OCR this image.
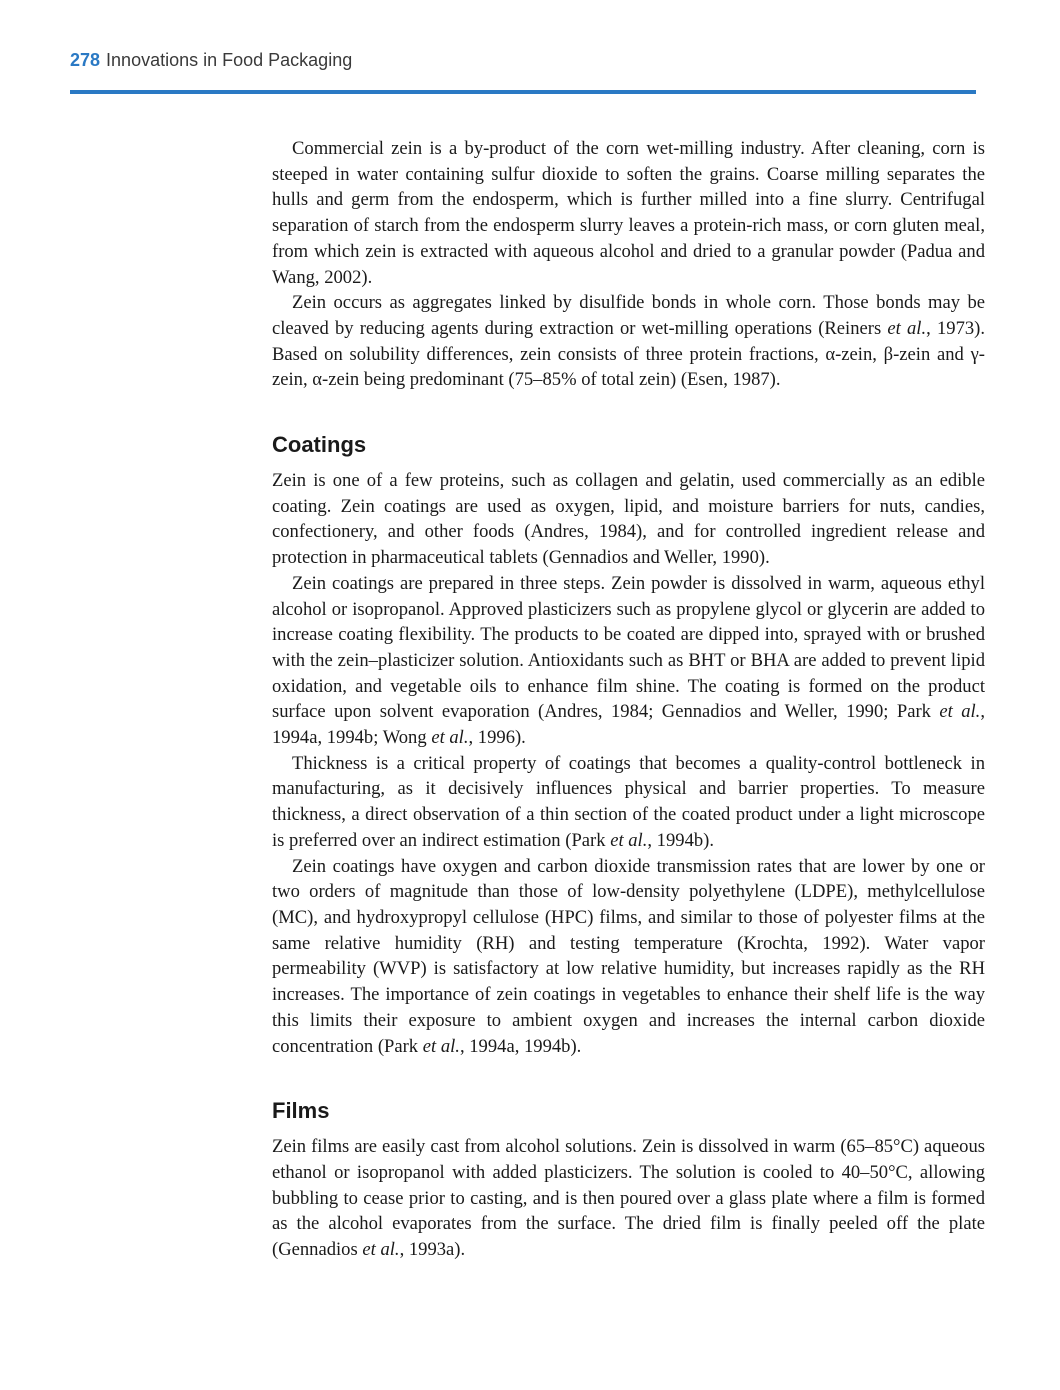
278 Innovations in Food Packaging

Commercial zein is a by-product of the corn wet-milling industry. After cleaning, corn is steeped in water containing sulfur dioxide to soften the grains. Coarse milling separates the hulls and germ from the endosperm, which is further milled into a fine slurry. Centrifugal separation of starch from the endosperm slurry leaves a protein-rich mass, or corn gluten meal, from which zein is extracted with aqueous alcohol and dried to a granular powder (Padua and Wang, 2002).

Zein occurs as aggregates linked by disulfide bonds in whole corn. Those bonds may be cleaved by reducing agents during extraction or wet-milling operations (Reiners et al., 1973). Based on solubility differences, zein consists of three protein fractions, α-zein, β-zein and γ-zein, α-zein being predominant (75–85% of total zein) (Esen, 1987).

Coatings

Zein is one of a few proteins, such as collagen and gelatin, used commercially as an edible coating. Zein coatings are used as oxygen, lipid, and moisture barriers for nuts, candies, confectionery, and other foods (Andres, 1984), and for controlled ingredient release and protection in pharmaceutical tablets (Gennadios and Weller, 1990).

Zein coatings are prepared in three steps. Zein powder is dissolved in warm, aqueous ethyl alcohol or isopropanol. Approved plasticizers such as propylene glycol or glycerin are added to increase coating flexibility. The products to be coated are dipped into, sprayed with or brushed with the zein–plasticizer solution. Antioxidants such as BHT or BHA are added to prevent lipid oxidation, and vegetable oils to enhance film shine. The coating is formed on the product surface upon solvent evaporation (Andres, 1984; Gennadios and Weller, 1990; Park et al., 1994a, 1994b; Wong et al., 1996).

Thickness is a critical property of coatings that becomes a quality-control bottleneck in manufacturing, as it decisively influences physical and barrier properties. To measure thickness, a direct observation of a thin section of the coated product under a light microscope is preferred over an indirect estimation (Park et al., 1994b).

Zein coatings have oxygen and carbon dioxide transmission rates that are lower by one or two orders of magnitude than those of low-density polyethylene (LDPE), methylcellulose (MC), and hydroxypropyl cellulose (HPC) films, and similar to those of polyester films at the same relative humidity (RH) and testing temperature (Krochta, 1992). Water vapor permeability (WVP) is satisfactory at low relative humidity, but increases rapidly as the RH increases. The importance of zein coatings in vegetables to enhance their shelf life is the way this limits their exposure to ambient oxygen and increases the internal carbon dioxide concentration (Park et al., 1994a, 1994b).

Films

Zein films are easily cast from alcohol solutions. Zein is dissolved in warm (65–85°C) aqueous ethanol or isopropanol with added plasticizers. The solution is cooled to 40–50°C, allowing bubbling to cease prior to casting, and is then poured over a glass plate where a film is formed as the alcohol evaporates from the surface. The dried film is finally peeled off the plate (Gennadios et al., 1993a).
